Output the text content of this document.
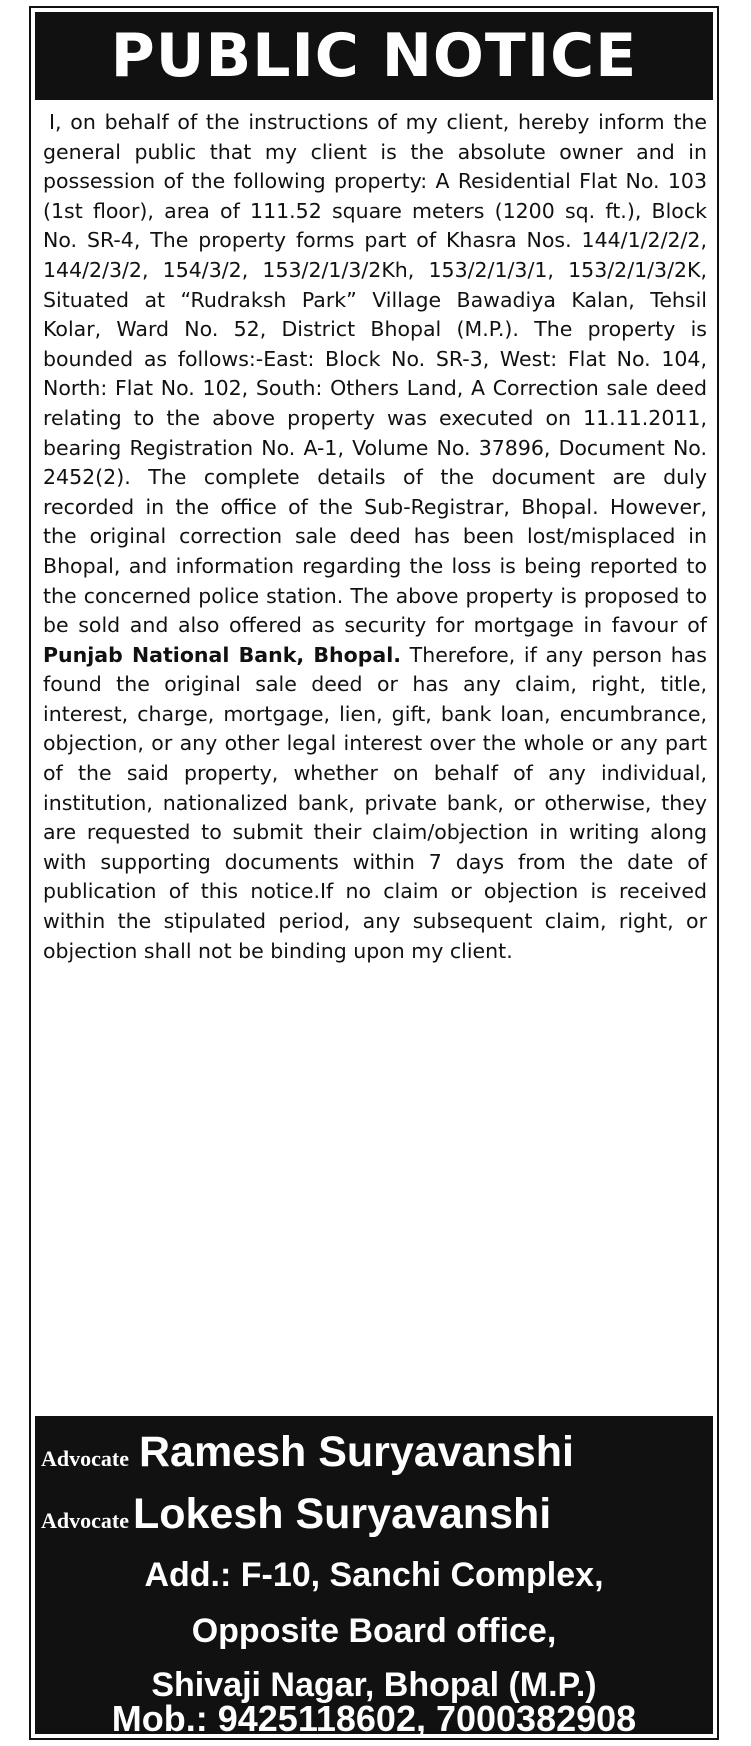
PUBLIC NOTICE

I, on behalf of the instructions of my client, hereby inform the general public that my client is the absolute owner and in possession of the following property: A Residential Flat No. 103 (1st floor), area of 111.52 square meters (1200 sq. ft.), Block No. SR-4, The property forms part of Khasra Nos. 144/1/2/2/2, 144/2/3/2, 154/3/2, 153/2/1/3/2Kh, 153/2/1/3/1, 153/2/1/3/2K, Situated at “Rudraksh Park” Village Bawadiya Kalan, Tehsil Kolar, Ward No. 52, District Bhopal (M.P.). The property is bounded as follows:-East: Block No. SR-3, West: Flat No. 104, North: Flat No. 102, South: Others Land, A Correction sale deed relating to the above property was executed on 11.11.2011, bearing Registration No. A-1, Volume No. 37896, Document No. 2452(2). The complete details of the document are duly recorded in the office of the Sub-Registrar, Bhopal. However, the original correction sale deed has been lost/misplaced in Bhopal, and information regarding the loss is being reported to the concerned police station. The above property is proposed to be sold and also offered as security for mortgage in favour of Punjab National Bank, Bhopal. Therefore, if any person has found the original sale deed or has any claim, right, title, interest, charge, mortgage, lien, gift, bank loan, encumbrance, objection, or any other legal interest over the whole or any part of the said property, whether on behalf of any individual, institution, nationalized bank, private bank, or otherwise, they are requested to submit their claim/objection in writing along with supporting documents within 7 days from the date of publication of this notice.If no claim or objection is received within the stipulated period, any subsequent claim, right, or objection shall not be binding upon my client.

Advocate Ramesh Suryavanshi
Advocate Lokesh Suryavanshi
Add.: F-10, Sanchi Complex,
Opposite Board office,
Shivaji Nagar, Bhopal (M.P.)
Mob.: 9425118602, 7000382908
